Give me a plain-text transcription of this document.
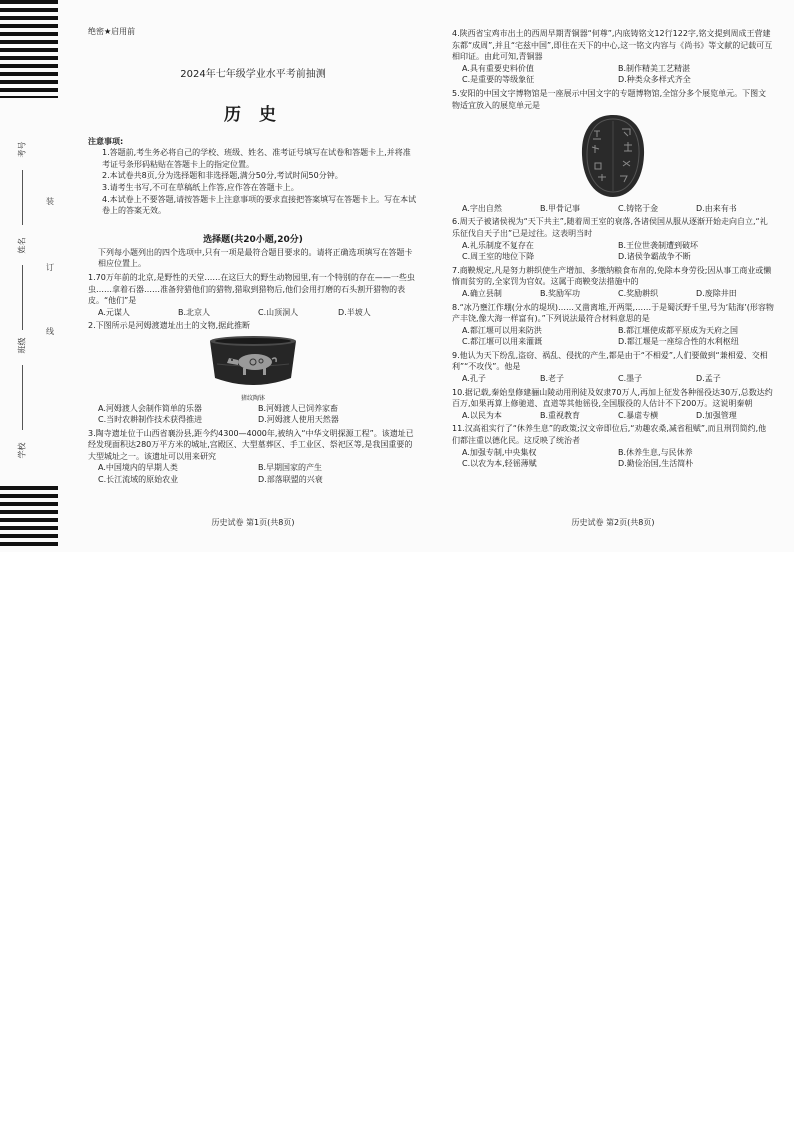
考号
姓名
班级
学校
装
订
线
绝密★启用前
2024年七年级学业水平考前抽测
历 史
注意事项:
1.答题前,考生务必将自己的学校、班级、姓名、准考证号填写在试卷和答题卡上,并将准考证号条形码粘贴在答题卡上的指定位置。
2.本试卷共8页,分为选择题和非选择题,满分50分,考试时间50分钟。
3.请考生书写,不可在草稿纸上作答,应作答在答题卡上。
4.本试卷上不要答题,请按答题卡上注意事项的要求直接把答案填写在答题卡上。写在本试卷上的答案无效。
选择题(共20小题,20分)
下列每小题列出的四个选项中,只有一项是最符合题目要求的。请将正确选项填写在答题卡相应位置上。

1.70万年前的北京,是野性的天堂……在这巨大的野生动物园里,有一个特别的存在——一些虫虫……拿着石器……准备狩猎他们的猎物,猎取到猎物后,他们会用打磨的石头割开猎物的表皮。“他们”是

A.元谋人	B.北京人	C.山顶洞人	D.半坡人

2.下图所示是河姆渡遗址出土的文物,据此推断

猪纹陶钵
A.河姆渡人会制作简单的乐器	B.河姆渡人已饲养家畜
C.当时农耕制作技术获得推进	D.河姆渡人使用天然器

3.陶寺遗址位于山西省襄汾县,距今约4300—4000年,被纳入“中华文明探源工程”。该遗址已经发现面积达280万平方米的城址,宫殿区、大型墓葬区、手工业区、祭祀区等,是我国重要的大型城址之一。该遗址可以用来研究

A.中国境内的早期人类	B.早期国家的产生
C.长江流域的原始农业	D.部落联盟的兴衰
历史试卷 第1页(共8页)

4.陕西省宝鸡市出土的西周早期青铜器“何尊”,内底铸铭文12行122字,铭文提到周成王营建东都“成周”,并且“宅兹中国”,即住在天下的中心,这一铭文内容与《尚书》等文献的记载可互相印证。由此可知,青铜器

A.具有重要史料价值	B.制作精美工艺精湛
C.是重要的等级象征	D.种类众多样式齐全

5.安阳的中国文字博物馆是一座展示中国文字的专题博物馆,全馆分多个展览单元。下图文物适宜放入的展览单元是

A.字出自然	B.甲骨记事	C.铸铭于金	D.由来有书

6.周天子被诸侯视为“天下共主”,随着周王室的衰落,各诸侯国从服从逐渐开始走向自立,“礼乐征伐自天子出”已是过往。这表明当时

A.礼乐制度不复存在	B.王位世袭制遭到破坏
C.周王室的地位下降	D.诸侯争霸战争不断

7.商鞅规定,凡是努力耕织使生产增加、多缴纳粮食布帛的,免除本身劳役;因从事工商业或懒惰而贫穷的,全家罚为官奴。这属于商鞅变法措施中的

A.确立县制	B.奖励军功	C.奖励耕织	D.废除井田

8.“冰乃壅江作堋(分水的堤坝)……又凿离堆,开两渠,……于是蜀沃野千里,号为‘陆海’(形容物产丰饶,像大海一样富有)。”下列说法最符合材料意思的是

A.都江堰可以用来防洪	B.都江堰使成都平原成为天府之国
C.都江堰可以用来灌溉	D.都江堰是一座综合性的水利枢纽

9.他认为天下纷乱,盗窃、祸乱、侵扰的产生,都是由于“不相爱”,人们要做到“兼相爱、交相利”“不攻伐”。他是

A.孔子	B.老子	C.墨子	D.孟子

10.据记载,秦始皇修建骊山陵动用刑徒及奴隶70万人,再加上征发各种徭役达30万,总数达约百万,如果再算上修驰道、直道等其他徭役,全国服役的人估计不下200万。这说明秦朝

A.以民为本	B.重视教育	C.暴虐专横	D.加强管理

11.汉高祖实行了“休养生息”的政策;汉文帝即位后,“劝趣农桑,减省租赋”,而且刑罚简约,他们都注重以德化民。这反映了统治者

A.加强专制,中央集权	B.休养生息,与民休养
C.以农为本,轻徭薄赋	D.勤俭治国,生活简朴
历史试卷 第2页(共8页)
